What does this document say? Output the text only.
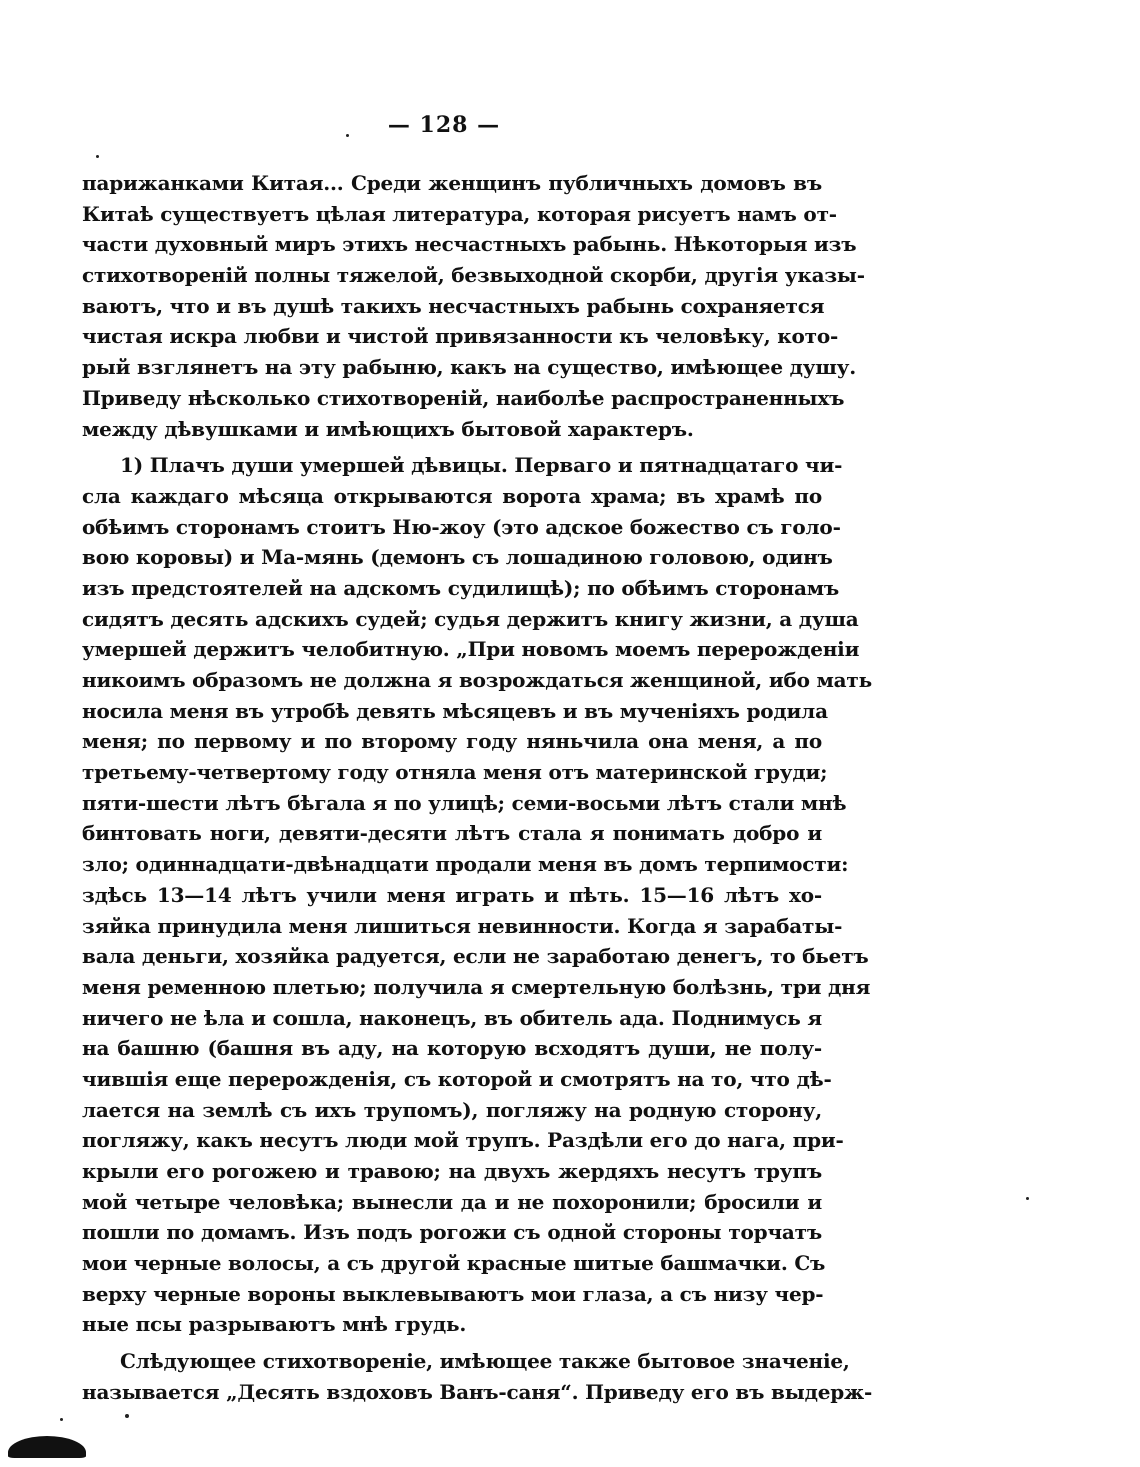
— 128 —
парижанками Китая... Среди женщинъ публичныхъ домовъ въ
Китаѣ существуетъ цѣлая литература, которая рисуетъ намъ от-
части духовный миръ этихъ несчастныхъ рабынь. Нѣкоторыя изъ
стихотвореній полны тяжелой, безвыходной скорби, другія указы-
ваютъ, что и въ душѣ такихъ несчастныхъ рабынь сохраняется
чистая искра любви и чистой привязанности къ человѣку, кото-
рый взглянетъ на эту рабыню, какъ на существо, имѣющее душу.
Приведу нѣсколько стихотвореній, наиболѣе распространенныхъ
между дѣвушками и имѣющихъ бытовой характеръ.
1) Плачъ души умершей дѣвицы. Перваго и пятнадцатаго чи-
сла каждаго мѣсяца открываются ворота храма; въ храмѣ по
обѣимъ сторонамъ стоитъ Ню-жоу (это адское божество съ голо-
вою коровы) и Ма-мянь (демонъ съ лошадиною головою, одинъ
изъ предстоятелей на адскомъ судилищѣ); по обѣимъ сторонамъ
сидятъ десять адскихъ судей; судья держитъ книгу жизни, а душа
умершей держитъ челобитную. „При новомъ моемъ перерожденіи
никоимъ образомъ не должна я возрождаться женщиной, ибо мать
носила меня въ утробѣ девять мѣсяцевъ и въ мученіяхъ родила
меня; по первому и по второму году няньчила она меня, а по
третьему-четвертому году отняла меня отъ материнской груди;
пяти-шести лѣтъ бѣгала я по улицѣ; семи-восьми лѣтъ стали мнѣ
бинтовать ноги, девяти-десяти лѣтъ стала я понимать добро и
зло; одиннадцати-двѣнадцати продали меня въ домъ терпимости:
здѣсь 13—14 лѣтъ учили меня играть и пѣть. 15—16 лѣтъ хо-
зяйка принудила меня лишиться невинности. Когда я зарабаты-
вала деньги, хозяйка радуется, если не заработаю денегъ, то бьетъ
меня ременною плетью; получила я смертельную болѣзнь, три дня
ничего не ѣла и сошла, наконецъ, въ обитель ада. Поднимусь я
на башню (башня въ аду, на которую всходятъ души, не полу-
чившія еще перерожденія, съ которой и смотрятъ на то, что дѣ-
лается на землѣ съ ихъ трупомъ), погляжу на родную сторону,
погляжу, какъ несутъ люди мой трупъ. Раздѣли его до нага, при-
крыли его рогожею и травою; на двухъ жердяхъ несутъ трупъ
мой четыре человѣка; вынесли да и не похоронили; бросили и
пошли по домамъ. Изъ подъ рогожи съ одной стороны торчатъ
мои черные волосы, а съ другой красные шитые башмачки. Съ
верху черные вороны выклевываютъ мои глаза, а съ низу чер-
ные псы разрываютъ мнѣ грудь.
Слѣдующее стихотвореніе, имѣющее также бытовое значеніе,
называется „Десять вздоховъ Ванъ-саня“. Приведу его въ выдерж-
